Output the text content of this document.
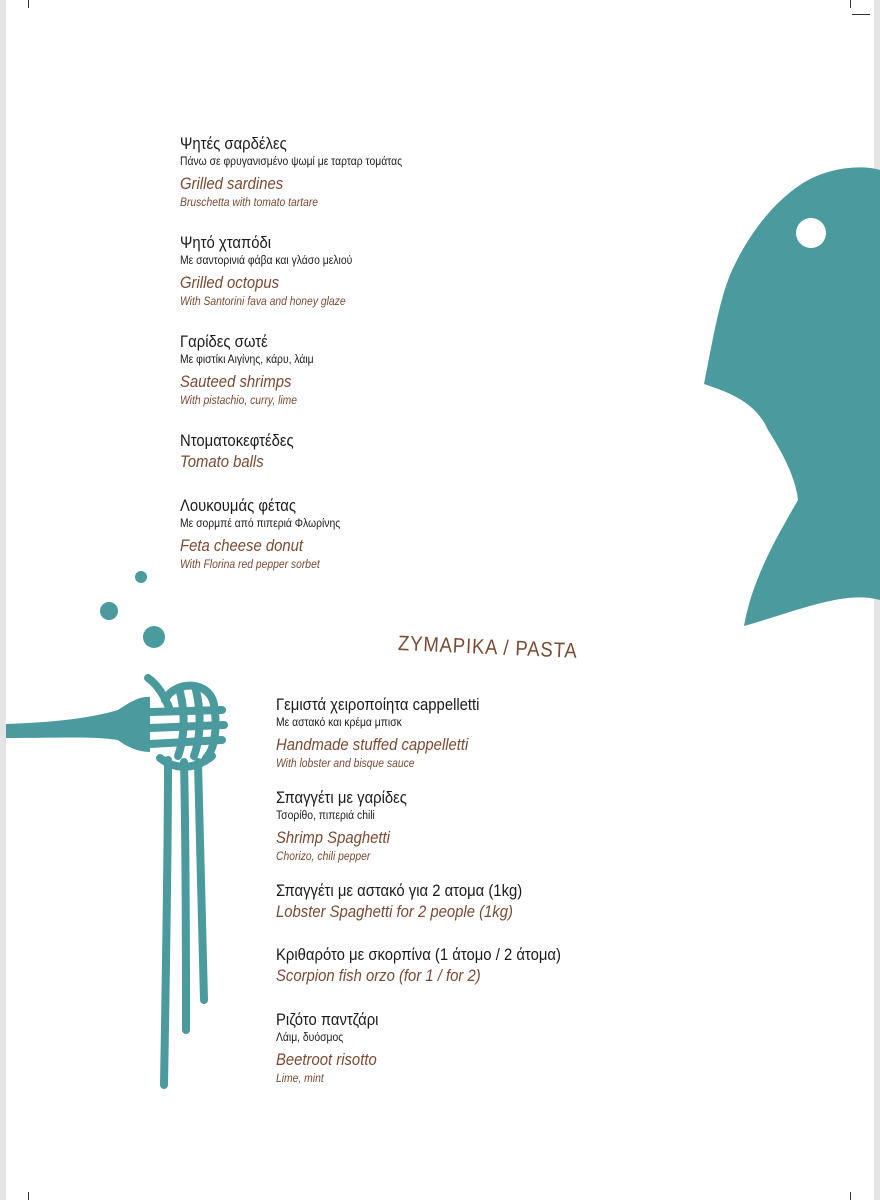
Ψητές σαρδέλες
Πάνω σε φρυγανισμένο ψωμί με ταρταρ τομάτας
Grilled sardines
Bruschetta with tomato tartare
Ψητό χταπόδι
Με σαντορινιά φάβα και γλάσο μελιού
Grilled octopus
With Santorini fava and honey glaze
Γαρίδες σωτέ
Με φιστίκι Αιγίνης, κάρυ, λάιμ
Sauteed shrimps
With pistachio, curry, lime
Ντοματοκεφτέδες
Tomato balls
Λουκουμάς φέτας
Με σορμπέ από πιπεριά Φλωρίνης
Feta cheese donut
With Florina red pepper sorbet
ΖΥΜΑΡΙΚΑ / PASTA
Γεμιστά χειροποίητα cappelletti
Με αστακό και κρέμα μπισκ
Handmade stuffed cappelletti
With lobster and bisque sauce
Σπαγγέτι με γαρίδες
Τσορίθο, πιπεριά chili
Shrimp Spaghetti
Chorizo, chili pepper
Σπαγγέτι με αστακό για 2 ατομα (1kg)
Lobster Spaghetti for 2 people (1kg)
Κριθαρότο με σκορπίνα (1 άτομο / 2 άτομα)
Scorpion fish orzo (for 1 / for 2)
Ριζότο παντζάρι
Λάιμ, δυόσμος
Beetroot risotto
Lime, mint
